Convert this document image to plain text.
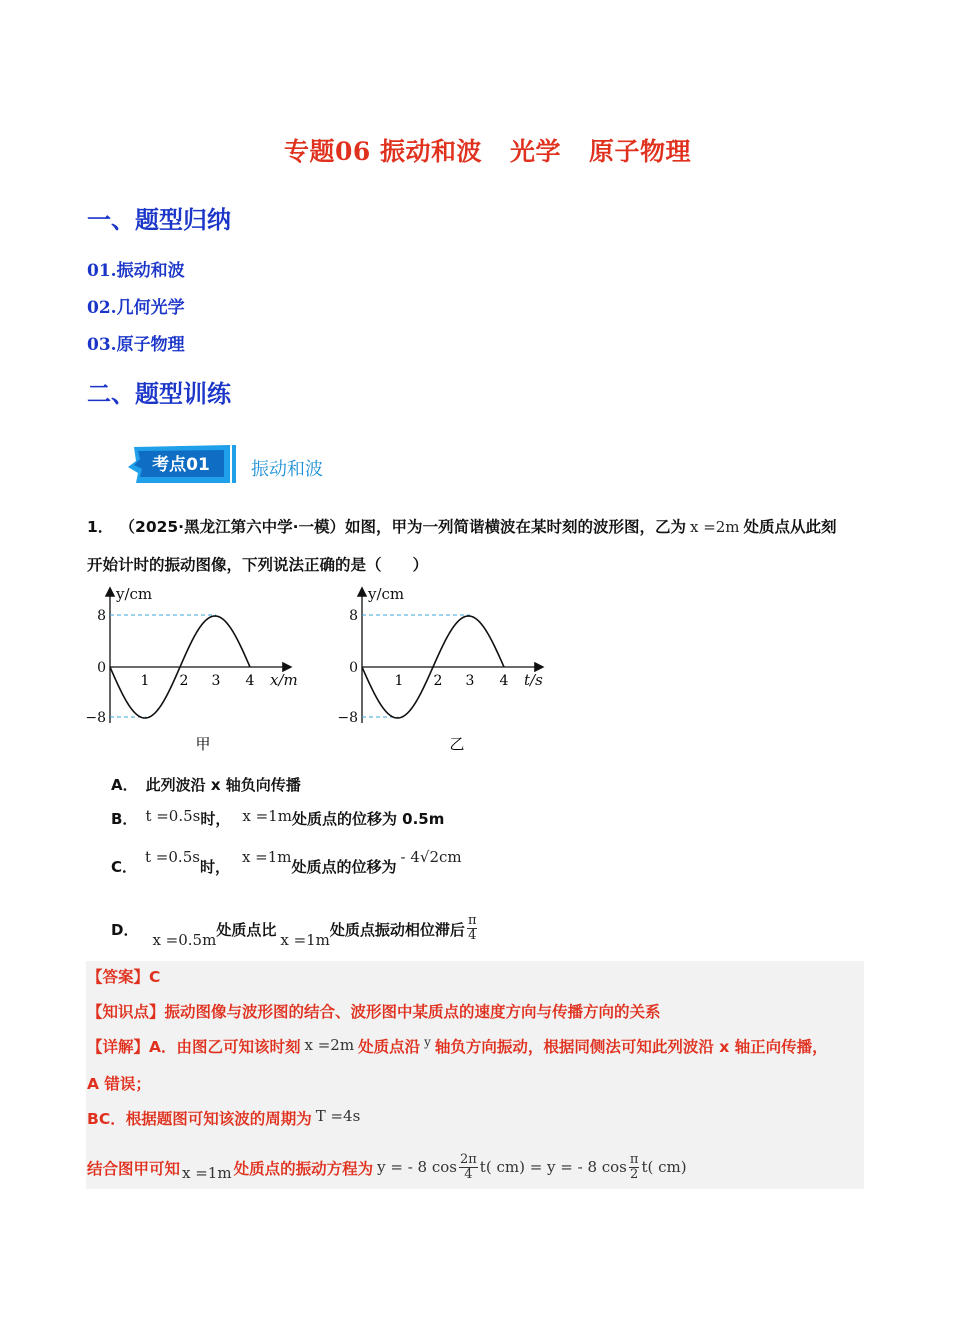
专题06 振动和波 光学 原子物理
一、题型归纳
01.振动和波
02.几何光学
03.原子物理
二、题型训练
考点01 振动和波
1． （2025·黑龙江第六中学·一模）如图，甲为一列简谐横波在某时刻的波形图，乙为 x =2m 处质点从此刻
开始计时的振动图像，下列说法正确的是（　　）
y/cm
x/m
8
0
−8
1 2 3 4
甲
y/cm
t/s
8
0
−8
1 2 3 4
乙
A． 此列波沿 x 轴负向传播
B． t =0.5s时， x =1m处质点的位移为 0.5m
C．t =0.5s时，x =1m处质点的位移为- 4√2cm
D．x =0.5m处质点比x =1m处质点振动相位滞后 $\frac{\pi}{4}$
【答案】C
【知识点】振动图像与波形图的结合、波形图中某质点的速度方向与传播方向的关系
【详解】A．由图乙可知该时刻 x =2m 处质点沿 $^y$ 轴负方向振动，根据同侧法可知此列波沿 x 轴正向传播，
A 错误；
BC．根据题图可知该波的周期为 T =4s
结合图甲可知 x =1m 处质点的振动方程为 y = - 8 $\cos \frac{2\pi}{4} t$( cm) = y = - 8 $\cos \frac{\pi}{2} t$( cm)
